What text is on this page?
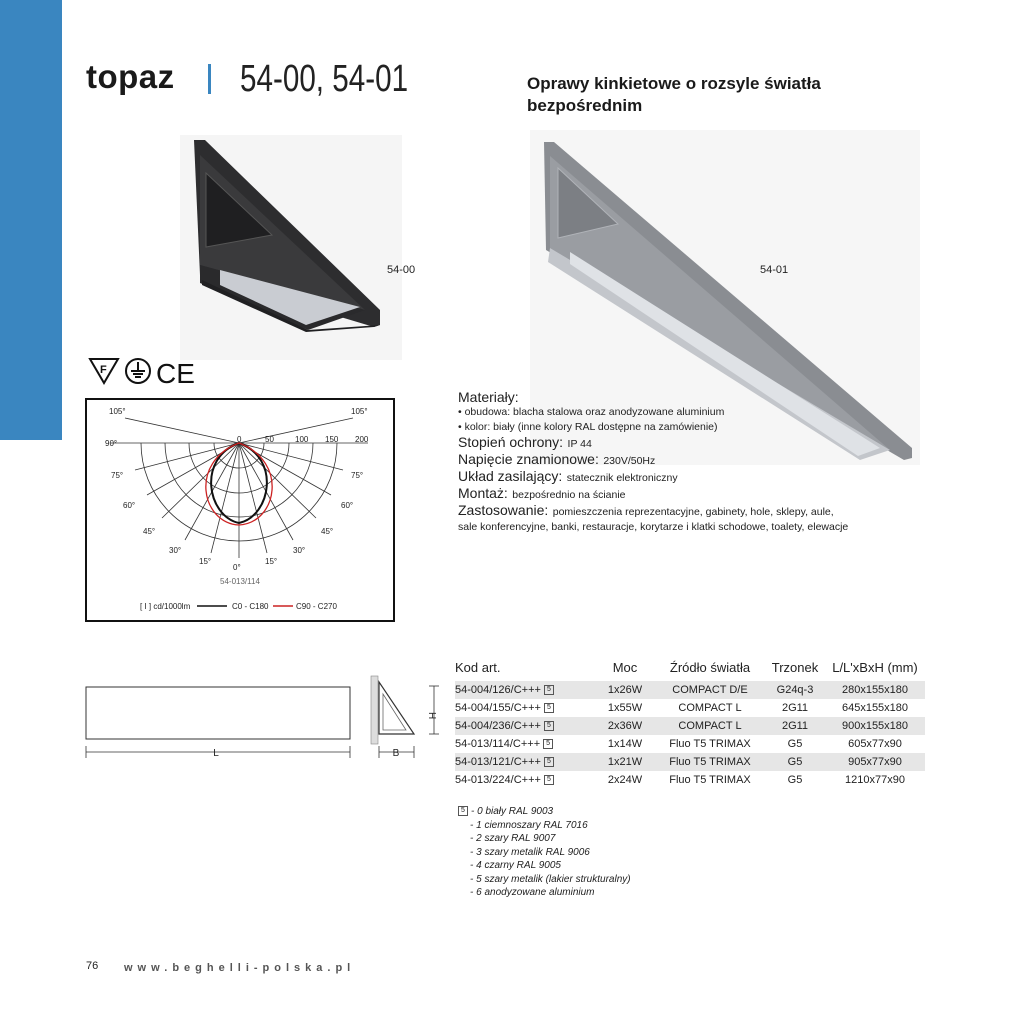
topaz 54-00, 54-01	Oprawy kinkietowe o rozsyle światła bezpośrednim
54-00	54-01
F CE
105°	105°
90°
75°	75°
60°	60°
45°	45°
30°	30°
15°	15°
0°
0	50	100 150 200
54-013/114
[ I ] cd/1000lm	C0 - C180	C90 - C270
Materiały:
• obudowa: blacha stalowa oraz anodyzowane aluminium
• kolor: biały (inne kolory RAL dostępne na zamówienie)
Stopień ochrony: IP 44
Napięcie znamionowe: 230V/50Hz
Układ zasilający: statecznik elektroniczny
Montaż: bezpośrednio na ścianie
Zastosowanie: pomieszczenia reprezentacyjne, gabinety, hole, sklepy, aule,
sale konferencyjne, banki, restauracje, korytarze i klatki schodowe, toalety, elewacje
L	B
H
Kod art.	Moc	Źródło światła	Trzonek	L/L'xBxH (mm)
54-004/126/C+++ 5	1x26W	COMPACT D/E	G24q-3	280x155x180
54-004/155/C+++ 5	1x55W	COMPACT L	2G11	645x155x180
54-004/236/C+++ 5	2x36W	COMPACT L	2G11	900x155x180
54-013/114/C+++ 5	1x14W	Fluo T5 TRIMAX	G5	605x77x90
54-013/121/C+++ 5	1x21W	Fluo T5 TRIMAX	G5	905x77x90
54-013/224/C+++ 5	2x24W	Fluo T5 TRIMAX	G5	1210x77x90
5 - 0 biały RAL 9003
- 1 ciemnoszary RAL 7016
- 2 szary RAL 9007
- 3 szary metalik RAL 9006
- 4 czarny RAL 9005
- 5 szary metalik (lakier strukturalny)
- 6 anodyzowane aluminium
76 www.beghelli-polska.pl
